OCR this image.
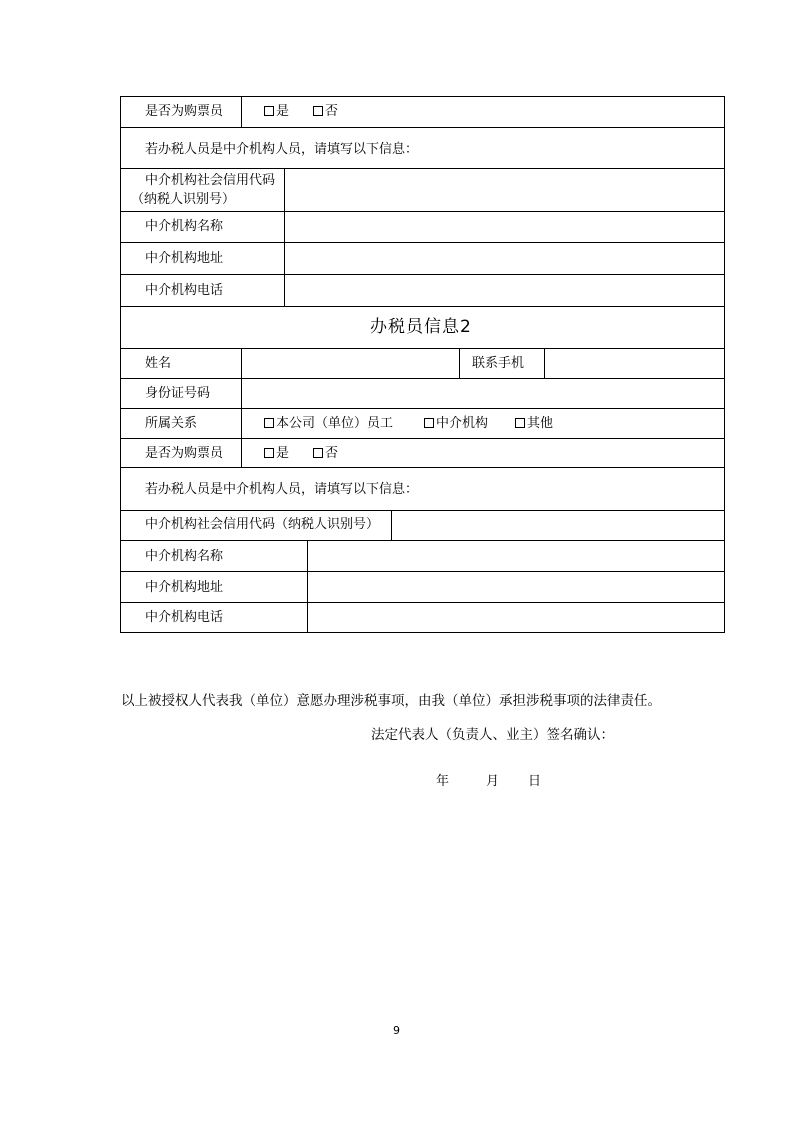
是否为购票员	是	否
若办税人员是中介机构人员，请填写以下信息：
中介机构社会信用代码
（纳税人识别号）
中介机构名称
中介机构地址
中介机构电话
办税员信息2
姓名	联系手机
身份证号码
所属关系	本公司（单位）员工	中介机构	其他
是否为购票员	是	否
若办税人员是中介机构人员，请填写以下信息：
中介机构社会信用代码（纳税人识别号）
中介机构名称
中介机构地址
中介机构电话
以上被授权人代表我（单位）意愿办理涉税事项，由我（单位）承担涉税事项的法律责任。
法定代表人（负责人、业主）签名确认：
年	月 日
9
